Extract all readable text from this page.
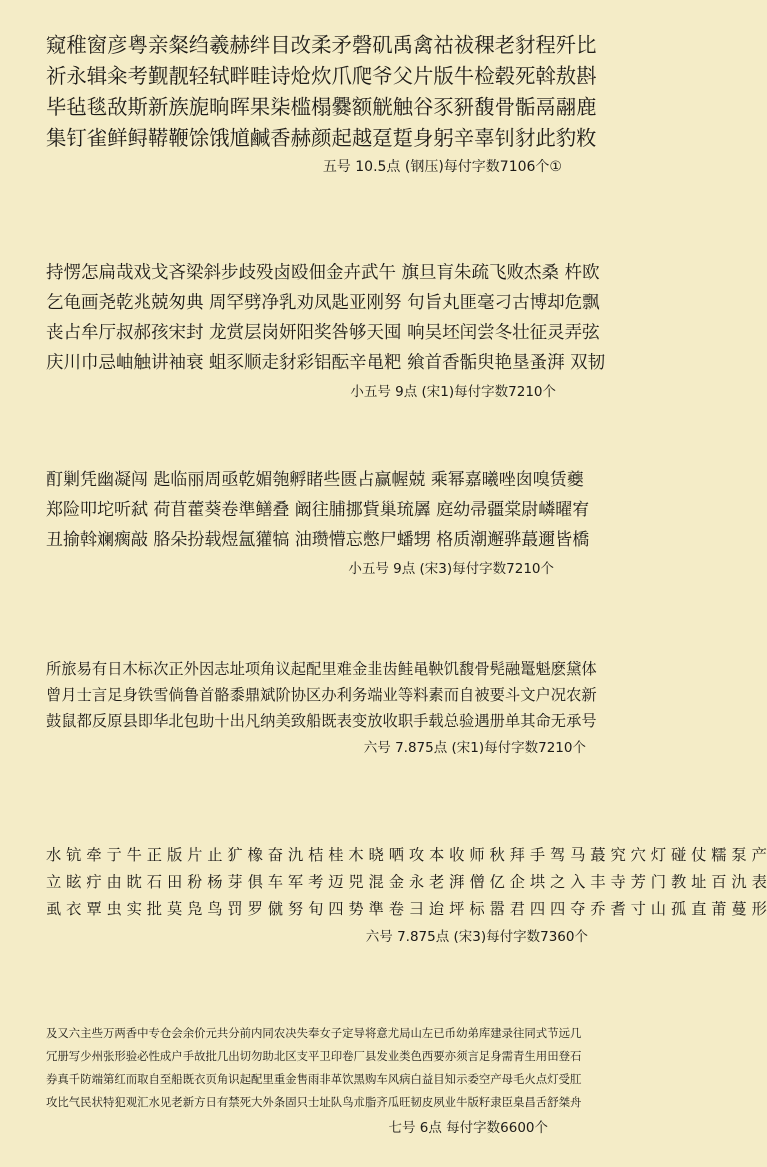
窥稚窗彦粤亲粲绉羲赫绊目改柔矛磬矶禹禽祜祓稞老豺程歼比
祈永辑籴考觐靓轻轼畔畦诗炝炊爪爬爷父片版牛检毂死斡敖斟
毕毡毯敌斯新族旎晌晖果柒槛榻爨额觥触谷豕豜馥骨骺鬲翮鹿
集钉雀鲜鲟鞯鞭馀饿馗鹹香赫颜起越趸踅身躬辛辜钊豺此豹敉
五号 10.5点 (钢压)每付字数7106个①
持愣怎扁哉戏戈吝梁斜步歧殁卤殴佃金卉武午 旗旦肓朱疏飞败杰桑 杵欧
乞龟画尧乾兆兢匆典 周罕劈净乳劝凤匙亚刚努 句旨丸匪毫刁古博却危飘
丧占牟厅叔郝孩宋封 龙赏层岗妍阳奖咎够天囤 响吴坯闰尝冬壮征灵弄弦
庆川巾忌岫触讲袖衰 蛆豕顺走豺彩铝酝辛黾粑 飨首香骺臾艳垦蚤湃 双韧
小五号 9点 (宋1)每付字数7210个
酊剿凭幽凝闯 匙临丽周亟乾媚匏孵睹些匮占赢幄兢 乘幂嘉曦唑囱嗅赁夔
郑险叩坨听弑 荷苜藿葵卷準鳝叠 阚往脯挪貲巢琉羼 庭幼帚疆棠尉嶙曜宥
丑揄斡斓瘸敲 胳朵扮载煜氲獾犒 油瓒懵忘憋尸蟠甥 格质潮邂骅蕞邇皆橋
小五号 9点 (宋3)每付字数7210个
所旅易有日木标次正外因志址项角议起配里难金韭齿鲑黾鞅饥馥骨髡融鼍魁麽黛体
曾月士言足身铁雪倘鲁首骼黍鼎斌阶协区办利务端业等料素而自被要斗文户况农新
鼓鼠都反原县即华北包助十出凡纳美致船既表变放收职手载总验遇册单其命无承号
六号 7.875点 (宋1)每付字数7210个
水 钪 牵 亍 牛 正 版 片 止 犷 橡 奋 氿 桔 桂 木 晓 哂 攻 本 收 师 秋 拜 手 驾 马 蕞 究 穴 灯 碰 仗 糯 泵 产
立 眩 疔 由 眈 石 田 秎 杨 芽 俱 车 军 考 迈 兕 混 金 永 老 湃 僧 亿 企 垬 之 入 丰 寺 芳 门 教 址 百 氿 表
虱 衣 覃 虫 实 批 莫 凫 鸟 罚 罗 僦 努 旬 四 势 準 卷 彐 迨 坪 标 嚣 君 四 四 夺 乔 耆 寸 山 孤 直 莆 蔓 形
六号 7.875点 (宋3)每付字数7360个
及又六主些万两香中专仓会余价元共分前内同农决失奉女子定导将意尤局山左已币幼弟库建录往同式节远几
冗册写少州张形验必性成户手故批几出切勿助北区支平卫印卷厂县发业类色西要亦须言足身需青生用田登石
券真千防端第红而取自至船既衣页角识起配里重金售雨非革饮黑购车风病白益目知示委空产母毛火点灯受肛
攻比气民状特犯观汇水见老新方日有禁死大外条固只士址队鸟朮脂齐瓜旺韧皮夙业牛版籽隶臣臬昌舌舒桀舟
七号 6点 每付字数6600个
